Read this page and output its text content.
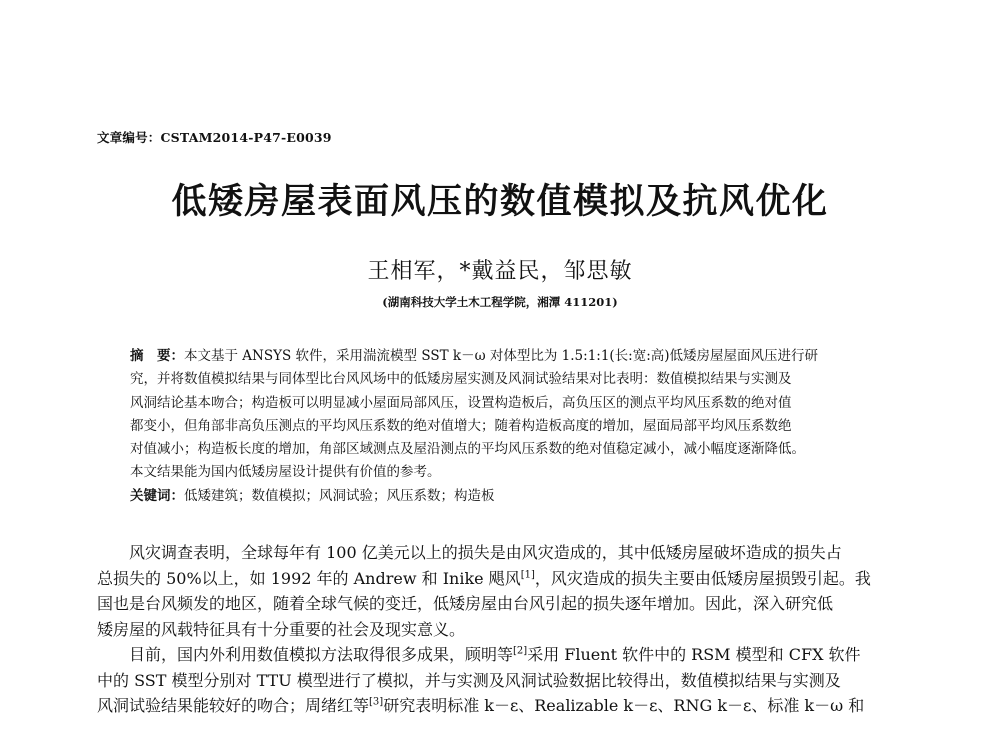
文章编号：CSTAM2014-P47-E0039
低矮房屋表面风压的数值模拟及抗风优化
王相军，*戴益民，邹思敏
(湖南科技大学土木工程学院，湘潭 411201)
摘　要：本文基于 ANSYS 软件，采用湍流模型 SST k－ω 对体型比为 1.5:1:1(长:宽:高)低矮房屋屋面风压进行研
究，并将数值模拟结果与同体型比台风风场中的低矮房屋实测及风洞试验结果对比表明：数值模拟结果与实测及
风洞结论基本吻合；构造板可以明显减小屋面局部风压，设置构造板后，高负压区的测点平均风压系数的绝对值
都变小，但角部非高负压测点的平均风压系数的绝对值增大；随着构造板高度的增加，屋面局部平均风压系数绝
对值减小；构造板长度的增加，角部区域测点及屋沿测点的平均风压系数的绝对值稳定减小，减小幅度逐渐降低。
本文结果能为国内低矮房屋设计提供有价值的参考。
关键词：低矮建筑；数值模拟；风洞试验；风压系数；构造板
风灾调查表明，全球每年有 100 亿美元以上的损失是由风灾造成的，其中低矮房屋破坏造成的损失占
总损失的 50%以上，如 1992 年的 Andrew 和 Inike 飓风[1]，风灾造成的损失主要由低矮房屋损毁引起。我
国也是台风频发的地区，随着全球气候的变迁，低矮房屋由台风引起的损失逐年增加。因此，深入研究低
矮房屋的风载特征具有十分重要的社会及现实意义。
目前，国内外利用数值模拟方法取得很多成果，顾明等[2]采用 Fluent 软件中的 RSM 模型和 CFX 软件
中的 SST 模型分别对 TTU 模型进行了模拟，并与实测及风洞试验数据比较得出，数值模拟结果与实测及
风洞试验结果能较好的吻合；周绪红等[3]研究表明标准 k－ε、Realizable k－ε、RNG k－ε、标准 k－ω 和
